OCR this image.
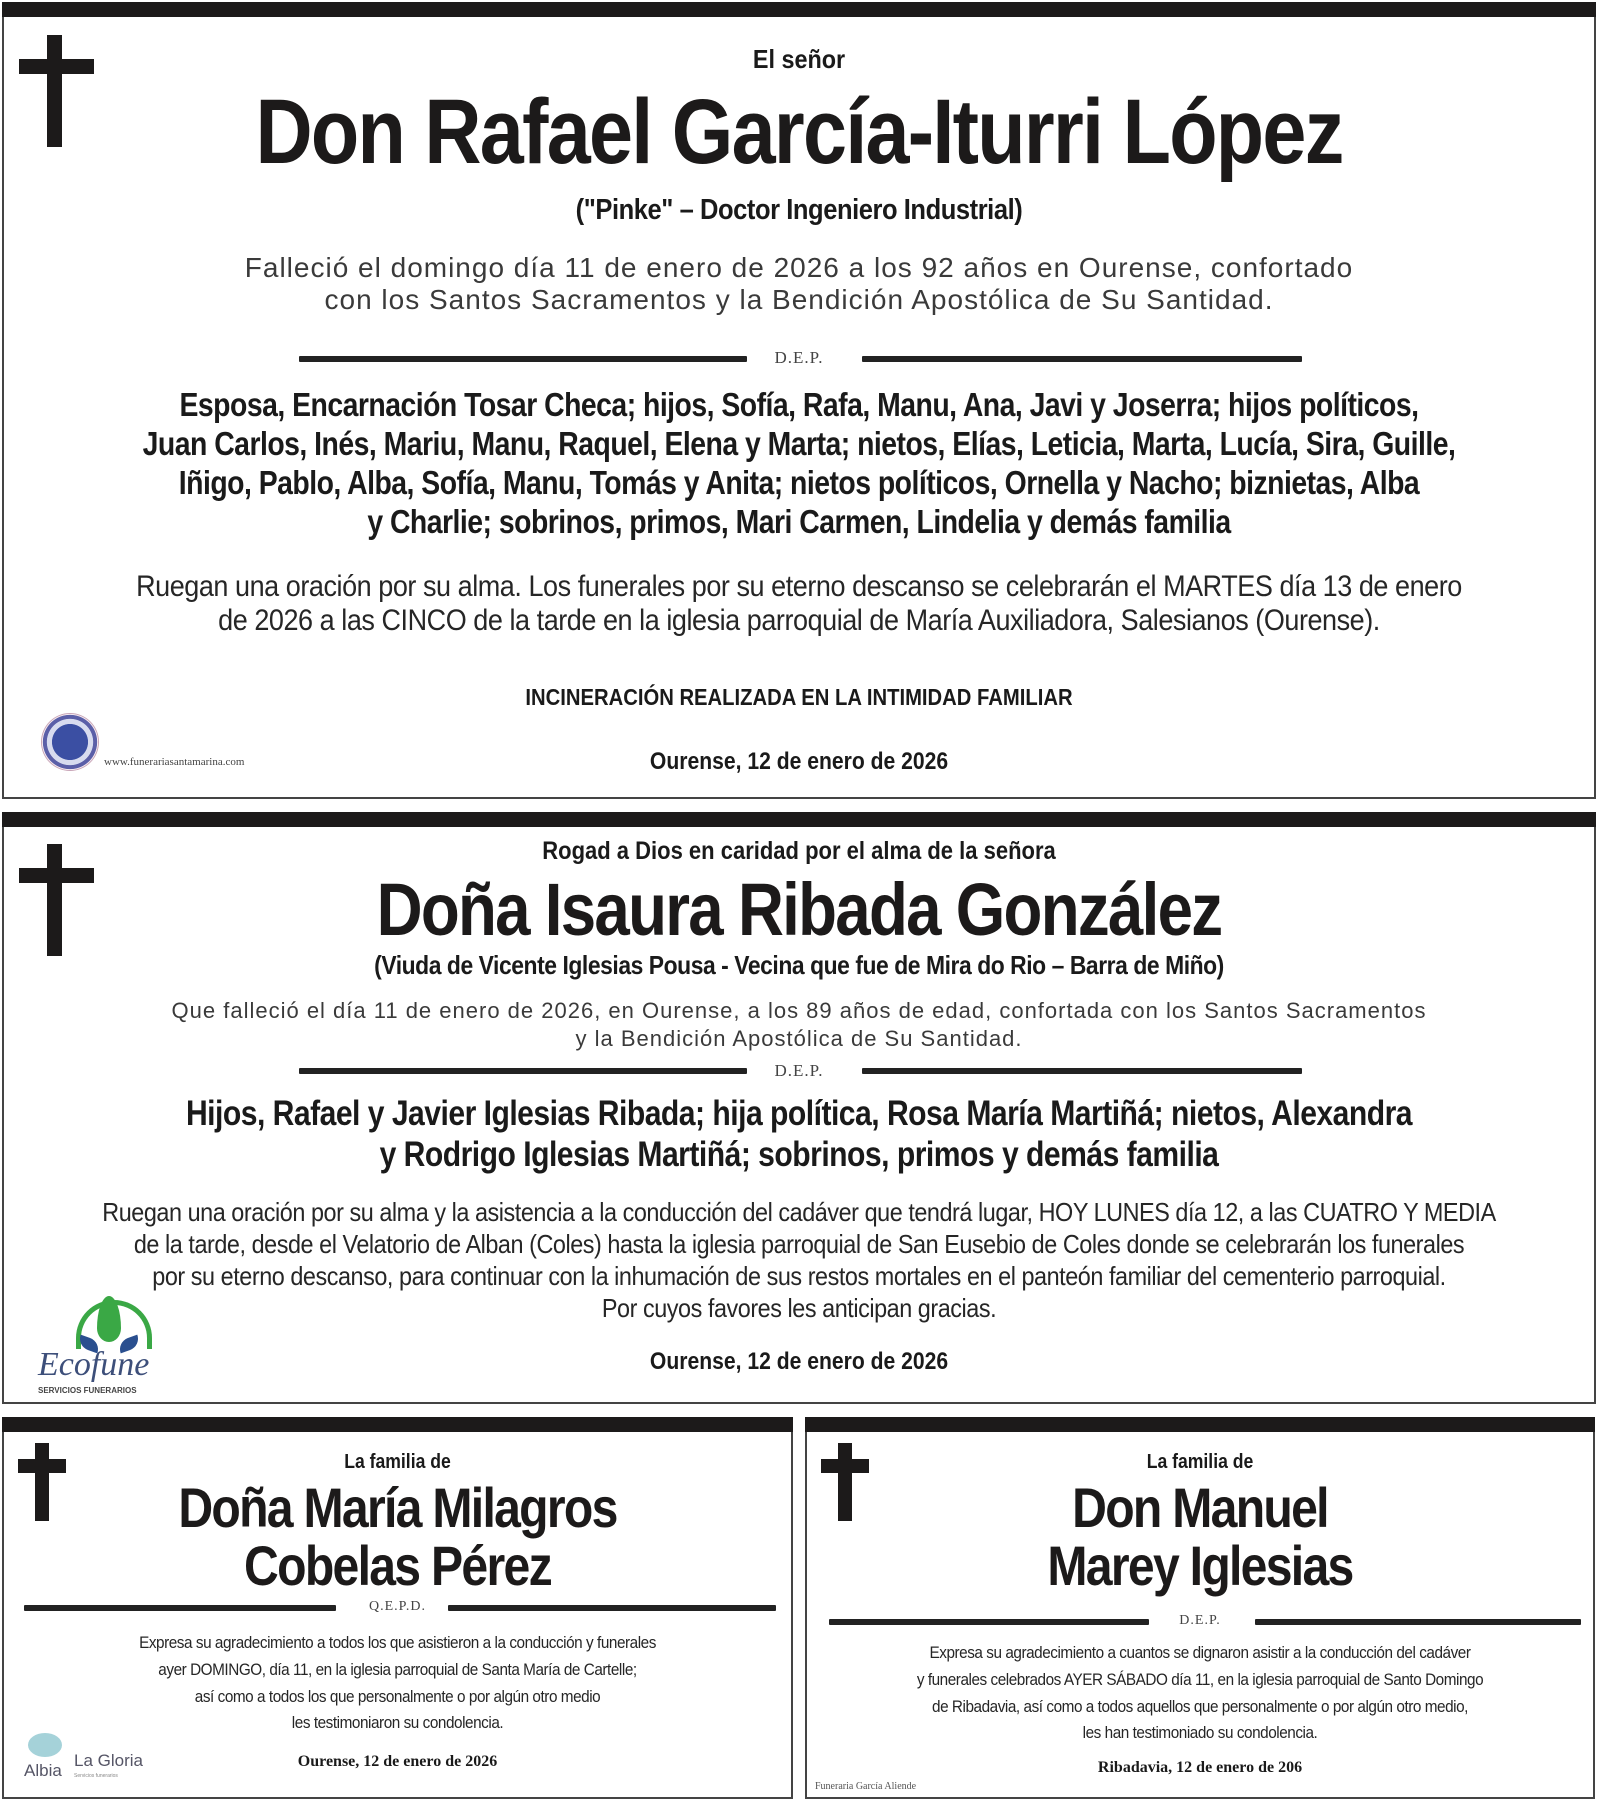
El señor
Don Rafael García-Iturri López
("Pinke" – Doctor Ingeniero Industrial)
Falleció el domingo día 11 de enero de 2026 a los 92 años en Ourense, confortado
con los Santos Sacramentos y la Bendición Apostólica de Su Santidad.
D.E.P.
Esposa, Encarnación Tosar Checa; hijos, Sofía, Rafa, Manu, Ana, Javi y Joserra; hijos políticos,
Juan Carlos, Inés, Mariu, Manu, Raquel, Elena y Marta; nietos, Elías, Leticia, Marta, Lucía, Sira, Guille,
Iñigo, Pablo, Alba, Sofía, Manu, Tomás y Anita; nietos políticos, Ornella y Nacho; biznietas, Alba
y Charlie; sobrinos, primos, Mari Carmen, Lindelia y demás familia
Ruegan una oración por su alma. Los funerales por su eterno descanso se celebrarán el MARTES día 13 de enero
de 2026 a las CINCO de la tarde en la iglesia parroquial de María Auxiliadora, Salesianos (Ourense).
INCINERACIÓN REALIZADA EN LA INTIMIDAD FAMILIAR
Ourense, 12 de enero de 2026
www.funerariasantamarina.com
Rogad a Dios en caridad por el alma de la señora
Doña Isaura Ribada González
(Viuda de Vicente Iglesias Pousa - Vecina que fue de Mira do Rio – Barra de Miño)
Que falleció el día 11 de enero de 2026, en Ourense, a los 89 años de edad, confortada con los Santos Sacramentos
y la Bendición Apostólica de Su Santidad.
D.E.P.
Hijos, Rafael y Javier Iglesias Ribada; hija política, Rosa María Martiñá; nietos, Alexandra
y Rodrigo Iglesias Martiñá; sobrinos, primos y demás familia
Ruegan una oración por su alma y la asistencia a la conducción del cadáver que tendrá lugar, HOY LUNES día 12, a las CUATRO Y MEDIA
de la tarde, desde el Velatorio de Alban (Coles) hasta la iglesia parroquial de San Eusebio de Coles donde se celebrarán los funerales
por su eterno descanso, para continuar con la inhumación de sus restos mortales en el panteón familiar del cementerio parroquial.
Por cuyos favores les anticipan gracias.
Ourense, 12 de enero de 2026
Ecofune
SERVICIOS FUNERARIOS
La familia de
Doña María Milagros
Cobelas Pérez
Q.E.P.D.
Expresa su agradecimiento a todos los que asistieron a la conducción y funerales
ayer DOMINGO, día 11, en la iglesia parroquial de Santa María de Cartelle;
así como a todos los que personalmente o por algún otro medio
les testimoniaron su condolencia.
Ourense, 12 de enero de 2026
Albia
La Gloria
Servicios funerarios
La familia de
Don Manuel
Marey Iglesias
D.E.P.
Expresa su agradecimiento a cuantos se dignaron asistir a la conducción del cadáver
y funerales celebrados AYER SÁBADO día 11, en la iglesia parroquial de Santo Domingo
de Ribadavia, así como a todos aquellos que personalmente o por algún otro medio,
les han testimoniado su condolencia.
Ribadavia, 12 de enero de 206
Funeraria García Aliende
